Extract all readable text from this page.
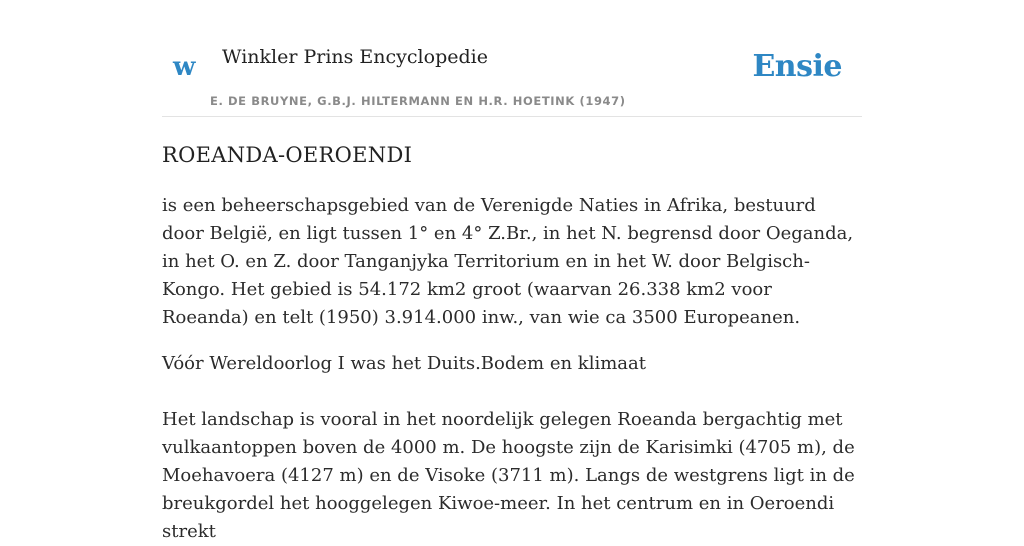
w Winkler Prins Encyclopedie
E. DE BRUYNE, G.B.J. HILTERMANN EN H.R. HOETINK (1947)
Ensie
ROEANDA-OEROENDI

is een beheerschapsgebied van de Verenigde Naties in Afrika, bestuurd door België, en ligt tussen 1° en 4° Z.Br., in het N. begrensd door Oeganda, in het O. en Z. door Tanganjyka Territorium en in het W. door Belgisch-Kongo. Het gebied is 54.172 km2 groot (waarvan 26.338 km2 voor Roeanda) en telt (1950) 3.914.000 inw., van wie ca 3500 Europeanen.

Vóór Wereldoorlog I was het Duits.Bodem en klimaat

Het landschap is vooral in het noordelijk gelegen Roeanda bergachtig met vulkaantoppen boven de 4000 m. De hoogste zijn de Karisimki (4705 m), de Moehavoera (4127 m) en de Visoke (3711 m). Langs de westgrens ligt in de breukgordel het hooggelegen Kiwoe-meer. In het centrum en in Oeroendi strekt
